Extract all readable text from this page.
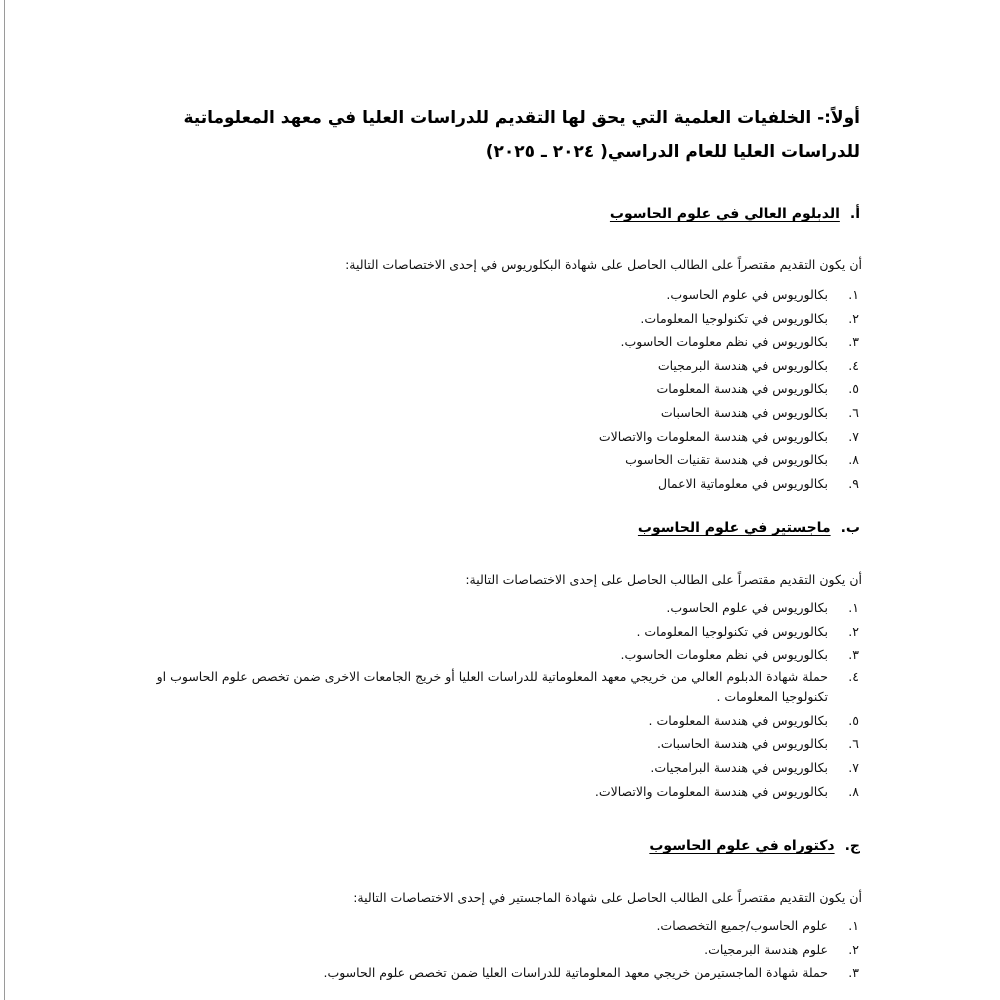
أولاً:- الخلفيات العلمية التي يحق لها التقديم للدراسات العليا في معهد المعلوماتية للدراسات العليا للعام الدراسي( ٢٠٢٤ ـ ٢٠٢٥)
أ.
الدبلوم العالي في علوم الحاسوب

أن يكون التقديم مقتصراً على الطالب الحاصل على شهادة البكلوريوس في إحدى الاختصاصات التالية:

١.
بكالوريوس في علوم الحاسوب.
٢.
بكالوريوس في تكنولوجيا المعلومات.
٣.
بكالوريوس في نظم معلومات الحاسوب.
٤.
بكالوريوس في هندسة البرمجيات
٥.
بكالوريوس في هندسة المعلومات
٦.
بكالوريوس في هندسة الحاسبات
٧.
بكالوريوس في هندسة المعلومات والاتصالات
٨.
بكالوريوس في هندسة تقنيات الحاسوب
٩.
بكالوريوس في معلوماتية الاعمال
ب.
ماجستير في علوم الحاسوب

أن يكون التقديم مقتصراً على الطالب الحاصل على إحدى الاختصاصات التالية:

١.
بكالوريوس في علوم الحاسوب.
٢.
بكالوريوس في تكنولوجيا المعلومات .
٣.
بكالوريوس في نظم معلومات الحاسوب.
٤.
حملة شهادة الدبلوم العالي من خريجي معهد المعلوماتية للدراسات العليا أو خريج الجامعات الاخرى ضمن تخصص علوم الحاسوب او تكنولوجيا المعلومات .
٥.
بكالوريوس في هندسة المعلومات .
٦.
بكالوريوس في هندسة الحاسبات.
٧.
بكالوريوس في هندسة البرامجيات.
٨.
بكالوريوس في هندسة المعلومات والاتصالات.
ج.
دكتوراه في علوم الحاسوب

أن يكون التقديم مقتصراً على الطالب الحاصل على شهادة الماجستير في إحدى الاختصاصات التالية:

١.
علوم الحاسوب/جميع التخصصات.
٢.
علوم هندسة البرمجيات.
٣.
حملة شهادة الماجستيرمن خريجي معهد المعلوماتية للدراسات العليا ضمن تخصص علوم الحاسوب.
